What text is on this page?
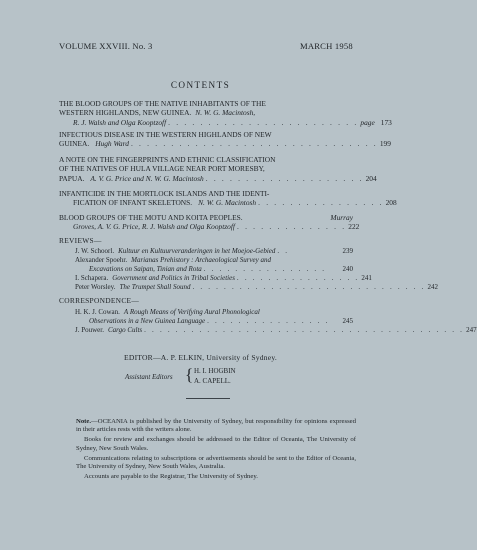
VOLUME XXVIII. No. 3	MARCH 1958
CONTENTS
THE BLOOD GROUPS OF THE NATIVE INHABITANTS OF THE
WESTERN HIGHLANDS, NEW GUINEA. N. W. G. Macintosh,
R. J. Walsh and Olga Kooptzoff . . . . . . . . . . . . . . . . . . . . . . . . page 173
INFECTIOUS DISEASE IN THE WESTERN HIGHLANDS OF NEW
GUINEA. Hugh Ward . . . . . . . . . . . . . . . . . . . . . . . . . . . . . . . 199
A NOTE ON THE FINGERPRINTS AND ETHNIC CLASSIFICATION
OF THE NATIVES OF HULA VILLAGE NEAR PORT MORESBY,
PAPUA. A. V. G. Price and N. W. G. Macintosh . . . . . . . . . . . . . . . . . . . . 204
INFANTICIDE IN THE MORTLOCK ISLANDS AND THE IDENTI-
FICATION OF INFANT SKELETONS. N. W. G. Macintosh . . . . . . . . . . . . . . . . 208
BLOOD GROUPS OF THE MOTU AND KOITA PEOPLES.	Murray
Groves, A. V. G. Price, R. J. Walsh and Olga Kooptzoff . . . . . . . . . . . . . . 222
REVIEWS—
J. W. Schoorl. Kultuur en Kultuurveranderingen in het Moejoe-Gebied . .	239
Alexander Spoehr. Marianas Prehistory : Archaeological Survey and
Excavations on Saipan, Tinian and Rota . . . . . . . . . . . . . . . .	240
I. Schapera. Government and Politics in Tribal Societies . . . . . . . . . . . . . . . . 241
Peter Worsley. The Trumpet Shall Sound . . . . . . . . . . . . . . . . . . . . . . . . . . . . . . 242
CORRESPONDENCE—
H. K. J. Cowan. A Rough Means of Verifying Aural Phonological
Observations in a New Guinea Language . . . . . . . . . . . . . . . .	245
J. Pouwer. Cargo Cults . . . . . . . . . . . . . . . . . . . . . . . . . . . . . . . . . . . . . . . . . 247
EDITOR—A. P. ELKIN, University of Sydney.
Assistant Editors { H. I. HOGBIN
A. CAPELL.

Note.—OCEANIA is published by the University of Sydney, but responsibility for opinions expressed in their articles rests with the writers alone.

Books for review and exchanges should be addressed to the Editor of Oceania, The University of Sydney, New South Wales.

Communications relating to subscriptions or advertisements should be sent to the Editor of Oceania, The University of Sydney, New South Wales, Australia.

Accounts are payable to the Registrar, The University of Sydney.
